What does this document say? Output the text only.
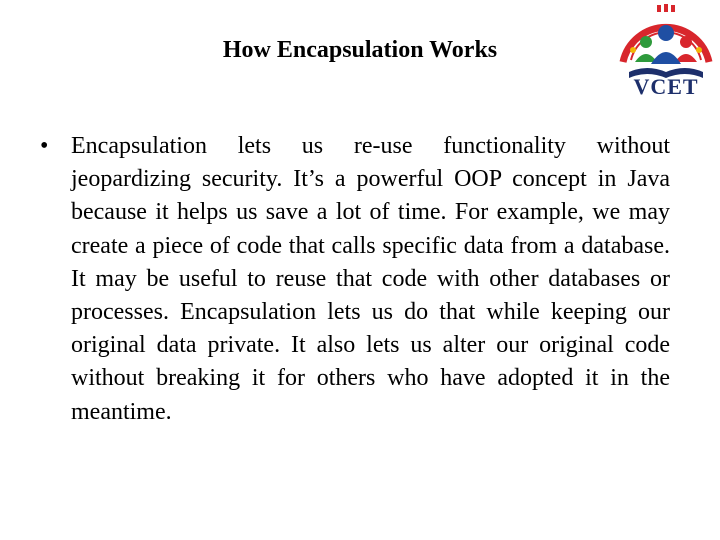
How Encapsulation Works
VCET
• Encapsulation lets us re-use functionality without jeopardizing security. It’s a powerful OOP concept in Java because it helps us save a lot of time. For example, we may create a piece of code that calls specific data from a database. It may be useful to reuse that code with other databases or processes. Encapsulation lets us do that while keeping our original data private. It also lets us alter our original code without breaking it for others who have adopted it in the meantime.
